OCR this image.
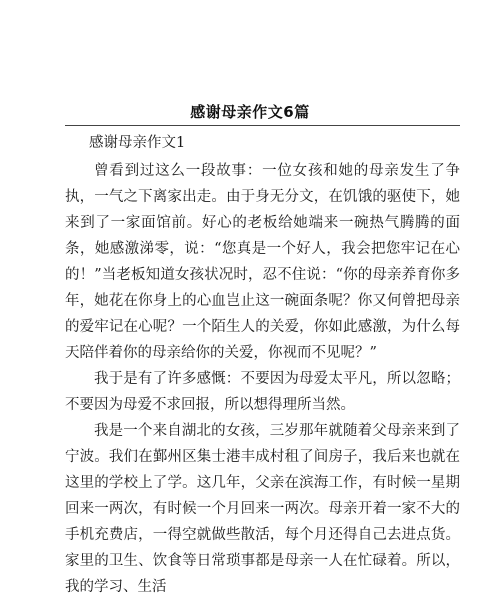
感谢母亲作文6篇

感谢母亲作文1

曾看到过这么一段故事：一位女孩和她的母亲发生了争执，一气之下离家出走。由于身无分文，在饥饿的驱使下，她来到了一家面馆前。好心的老板给她端来一碗热气腾腾的面条，她感激涕零，说：“您真是一个好人，我会把您牢记在心的！”当老板知道女孩状况时，忍不住说：“你的母亲养育你多年，她花在你身上的心血岂止这一碗面条呢？你又何曾把母亲的爱牢记在心呢？一个陌生人的关爱，你如此感激，为什么每天陪伴着你的母亲给你的关爱，你视而不见呢？”

我于是有了许多感慨：不要因为母爱太平凡，所以忽略；不要因为母爱不求回报，所以想得理所当然。

我是一个来自湖北的女孩，三岁那年就随着父母亲来到了宁波。我们在鄞州区集士港丰成村租了间房子，我后来也就在这里的学校上了学。这几年，父亲在滨海工作，有时候一星期回来一两次，有时候一个月回来一两次。母亲开着一家不大的手机充费店，一得空就做些散活，每个月还得自己去进点货。家里的卫生、饮食等日常琐事都是母亲一人在忙碌着。所以，我的学习、生活
